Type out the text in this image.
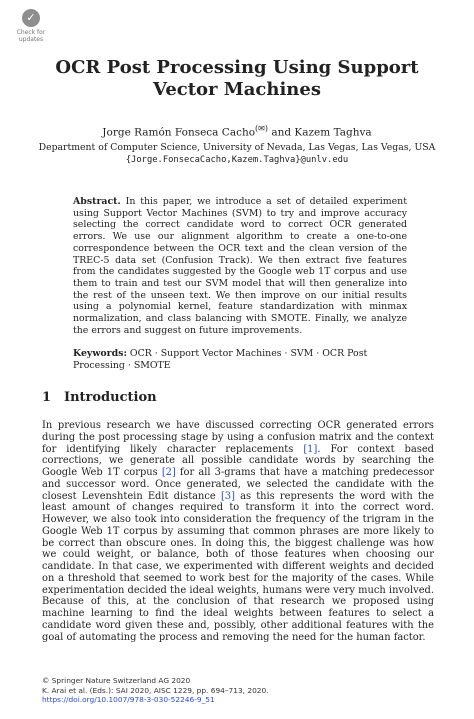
✓
Check for
updates
OCR Post Processing Using Support
Vector Machines
Jorge Ramón Fonseca Cacho(✉) and Kazem Taghva
Department of Computer Science, University of Nevada, Las Vegas, Las Vegas, USA
{Jorge.FonsecaCacho,Kazem.Taghva}@unlv.edu
Abstract. In this paper, we introduce a set of detailed experiment using Support Vector Machines (SVM) to try and improve accuracy selecting the correct candidate word to correct OCR generated errors. We use our alignment algorithm to create a one-to-one correspondence between the OCR text and the clean version of the TREC-5 data set (Confusion Track). We then extract five features from the candidates suggested by the Google web 1T corpus and use them to train and test our SVM model that will then generalize into the rest of the unseen text. We then improve on our initial results using a polynomial kernel, feature standardization with minmax normalization, and class balancing with SMOTE. Finally, we analyze the errors and suggest on future improvements.
Keywords: OCR · Support Vector Machines · SVM · OCR Post Processing · SMOTE
1 Introduction
In previous research we have discussed correcting OCR generated errors during the post processing stage by using a confusion matrix and the context for identifying likely character replacements [1]. For context based corrections, we generate all possible candidate words by searching the Google Web 1T corpus [2] for all 3-grams that have a matching predecessor and successor word. Once generated, we selected the candidate with the closest Levenshtein Edit distance [3] as this represents the word with the least amount of changes required to transform it into the correct word. However, we also took into consideration the frequency of the trigram in the Google Web 1T corpus by assuming that common phrases are more likely to be correct than obscure ones. In doing this, the biggest challenge was how we could weight, or balance, both of those features when choosing our candidate. In that case, we experimented with different weights and decided on a threshold that seemed to work best for the majority of the cases. While experimentation decided the ideal weights, humans were very much involved. Because of this, at the conclusion of that research we proposed using machine learning to find the ideal weights between features to select a candidate word given these and, possibly, other additional features with the goal of automating the process and removing the need for the human factor.
© Springer Nature Switzerland AG 2020
K. Arai et al. (Eds.): SAI 2020, AISC 1229, pp. 694–713, 2020.
https://doi.org/10.1007/978-3-030-52246-9_51
